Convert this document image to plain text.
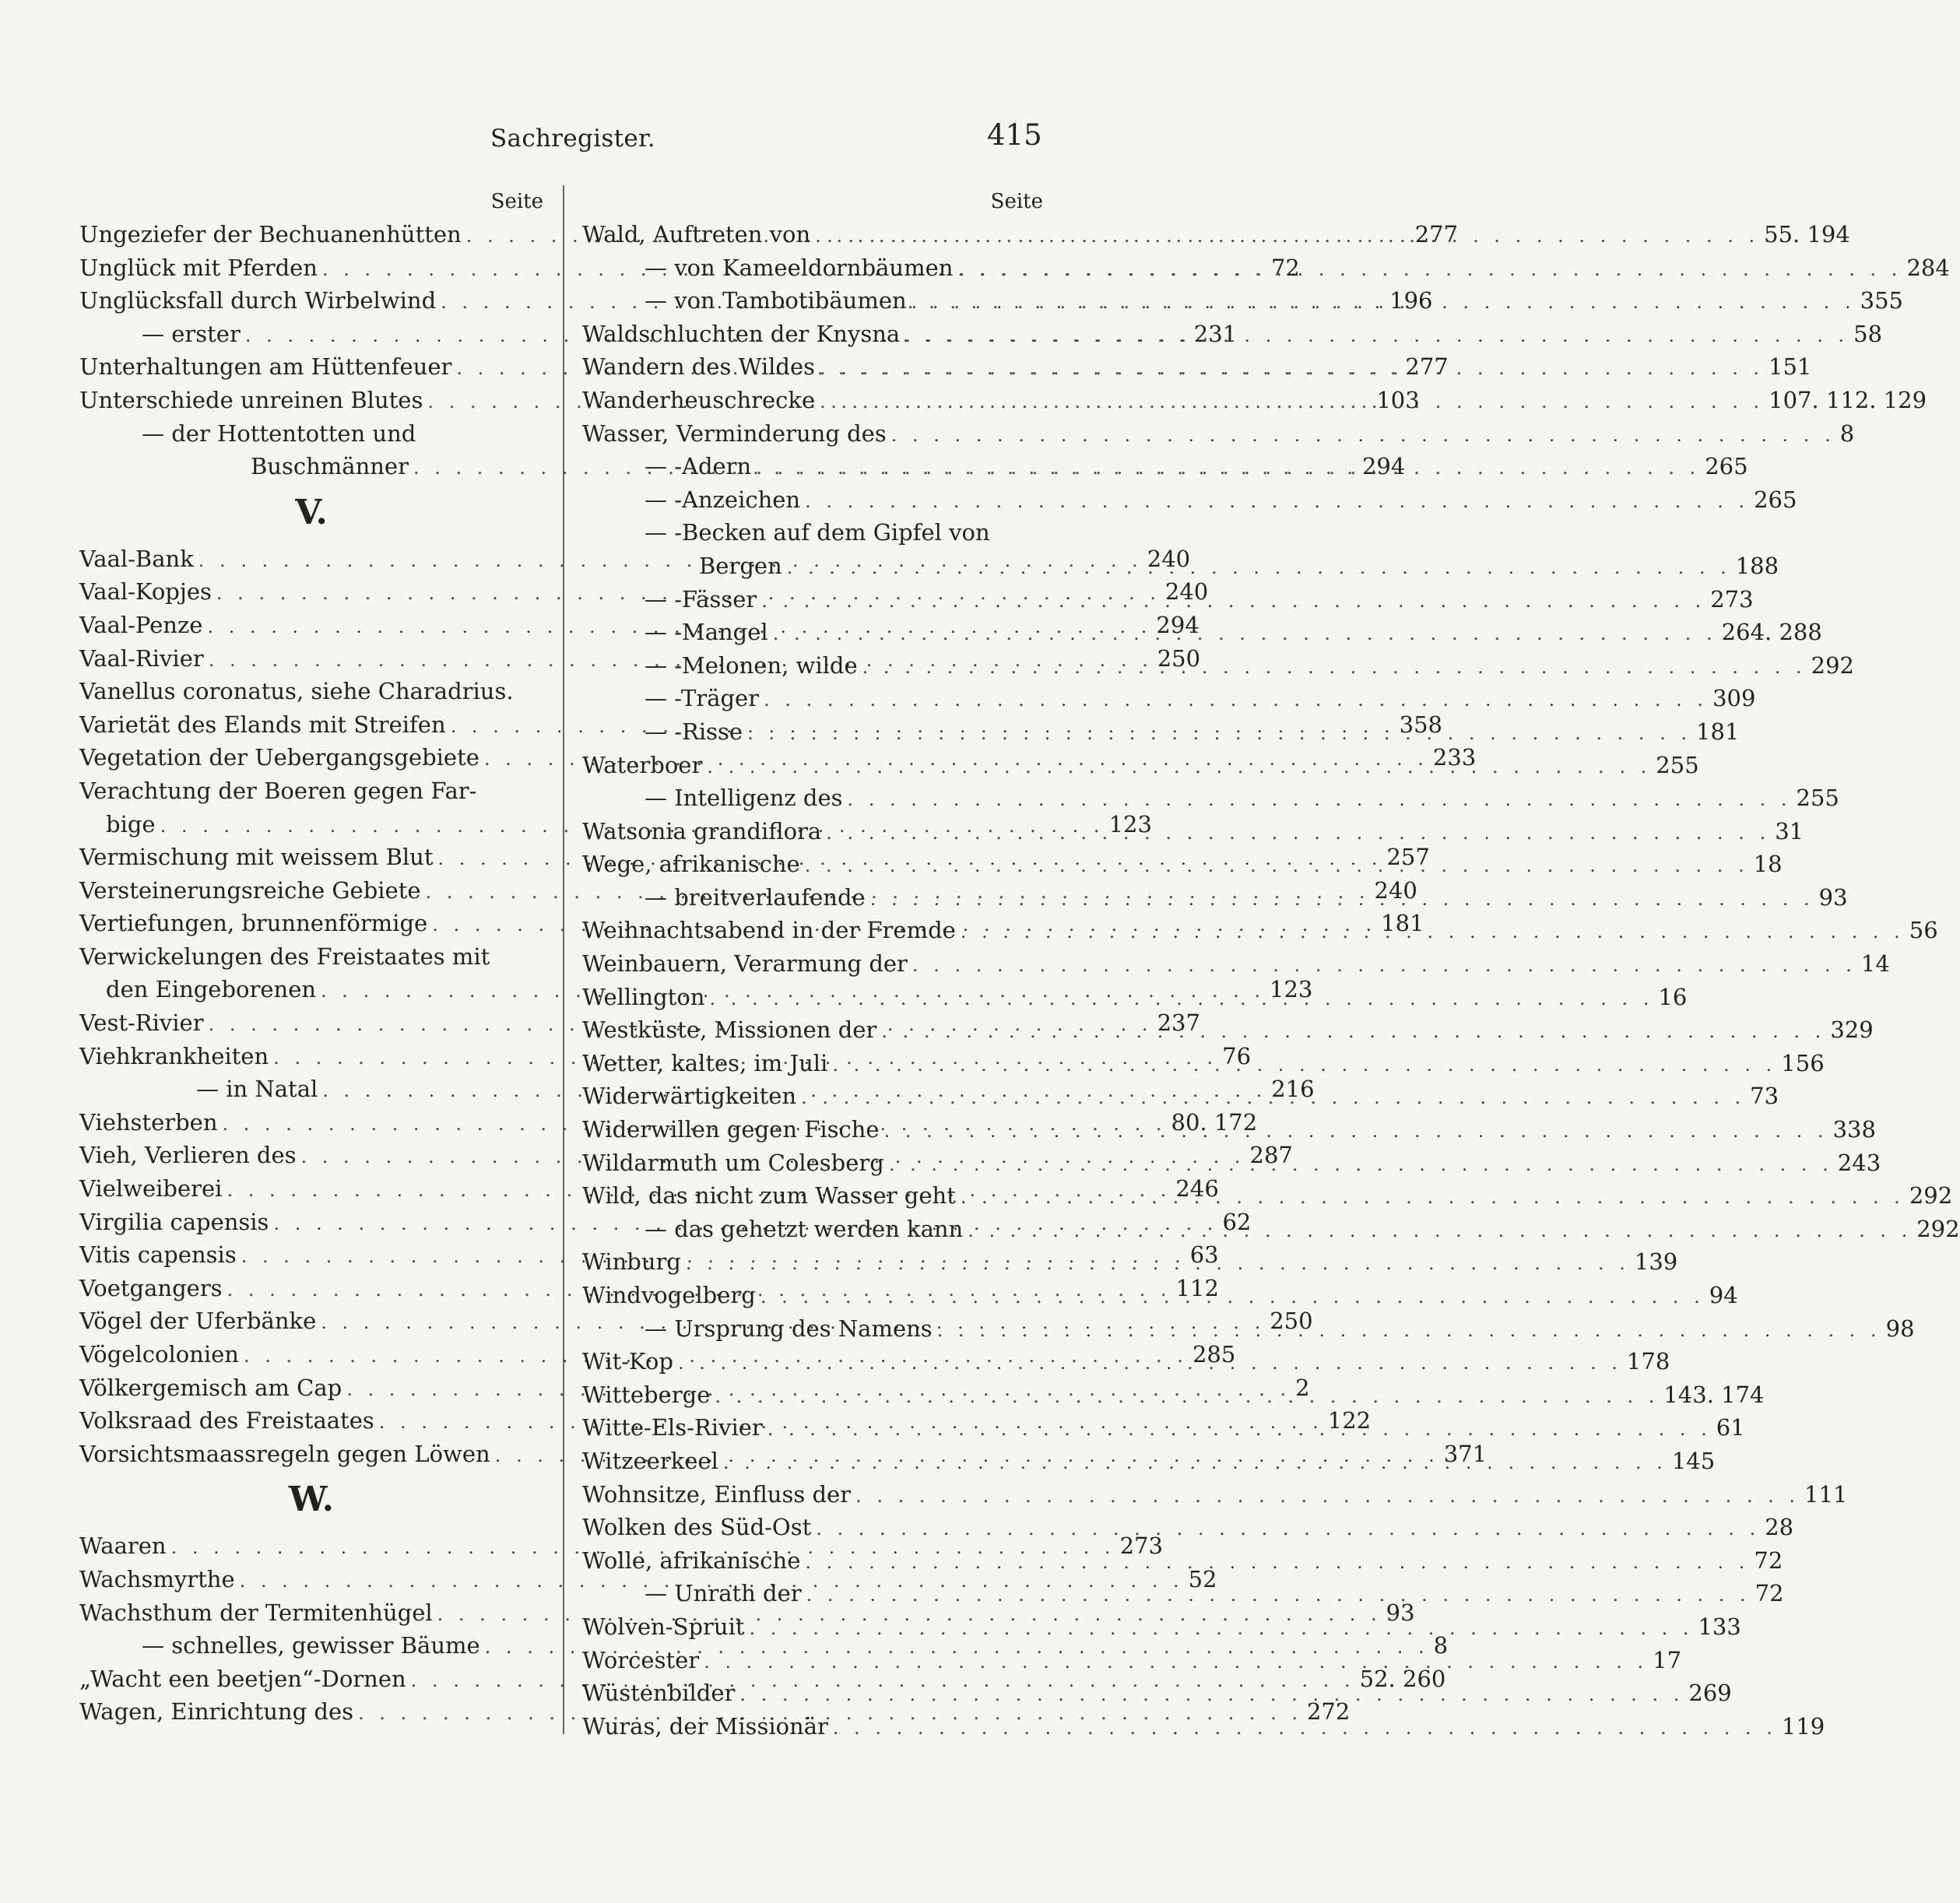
Sachregister.	415
Seite
Ungeziefer der Bechuanenhütten . . .	277
Unglück mit Pferden . . .	72
Unglücksfall durch Wirbelwind . . .	196
— erster . . .	231
Unterhaltungen am Hüttenfeuer . . .	277
Unterschiede unreinen Blutes . . .	103
— der Hottentotten und
Buschmänner . . .	294
V.
Vaal-Bank . . .	240
Vaal-Kopjes . . .	240
Vaal-Penze . . .	294
Vaal-Rivier . . .	250
Vanellus coronatus, siehe Charadrius.
Varietät des Elands mit Streifen . . .	358
Vegetation der Uebergangsgebiete . . .	233
Verachtung der Boeren gegen Far-
bige . . .	123
Vermischung mit weissem Blut . . .	257
Versteinerungsreiche Gebiete . . .	240
Vertiefungen, brunnenförmige . . .	181
Verwickelungen des Freistaates mit
den Eingeborenen . . .	123
Vest-Rivier . . .	237
Viehkrankheiten . . .	76
— in Natal . . .	216
Viehsterben . . .	80. 172
Vieh, Verlieren des . . .	287
Vielweiberei . . .	246
Virgilia capensis . . .	62
Vitis capensis . . .	63
Voetgangers . . .	112
Vögel der Uferbänke . . .	250
Vögelcolonien . . .	285
Völkergemisch am Cap . . .	2
Volksraad des Freistaates . . .	122
Vorsichtsmaassregeln gegen Löwen . . .	371
W.
Waaren . . .	273
Wachsmyrthe . . .	52
Wachsthum der Termitenhügel . . .	93
— schnelles, gewisser Bäume . . .	8
„Wacht een beetjen“-Dornen . . .	52. 260
Wagen, Einrichtung des . . .	272
Seite
Wald, Auftreten von . . .	55. 194
— von Kameeldornbäumen . . .	284
— von Tambotibäumen . . .	355
Waldschluchten der Knysna . . .	58
Wandern des Wildes . . .	151
Wanderheuschrecke . . .	107. 112. 129
Wasser, Verminderung des . . .	8
— -Adern . . .	265
— -Anzeichen . . .	265
— -Becken auf dem Gipfel von
Bergen . . .	188
— -Fässer . . .	273
— -Mangel . . .	264. 288
— -Melonen, wilde . . .	292
— -Träger . . .	309
— -Risse . . .	181
Waterboer . . .	255
— Intelligenz des . . .	255
Watsonia grandiflora . . .	31
Wege, afrikanische . . .	18
— breitverlaufende . . .	93
Weihnachtsabend in der Fremde . . .	56
Weinbauern, Verarmung der . . .	14
Wellington . . .	16
Westküste, Missionen der . . .	329
Wetter, kaltes, im Juli . . .	156
Widerwärtigkeiten . . .	73
Widerwillen gegen Fische . . .	338
Wildarmuth um Colesberg . . .	243
Wild, das nicht zum Wasser geht . . .	292
— das gehetzt werden kann . . .	292
Winburg . . .	139
Windvogelberg . . .	94
— Ursprung des Namens . . .	98
Wit-Kop . . .	178
Witteberge . . .	143. 174
Witte-Els-Rivier . . .	61
Witzeerkeel . . .	145
Wohnsitze, Einfluss der . . .	111
Wolken des Süd-Ost . . .	28
Wolle, afrikanische . . .	72
— Unrath der . . .	72
Wolven-Spruit . . .	133
Worcester . . .	17
Wüstenbilder . . .	269
Wuras, der Missionär . . .	119
